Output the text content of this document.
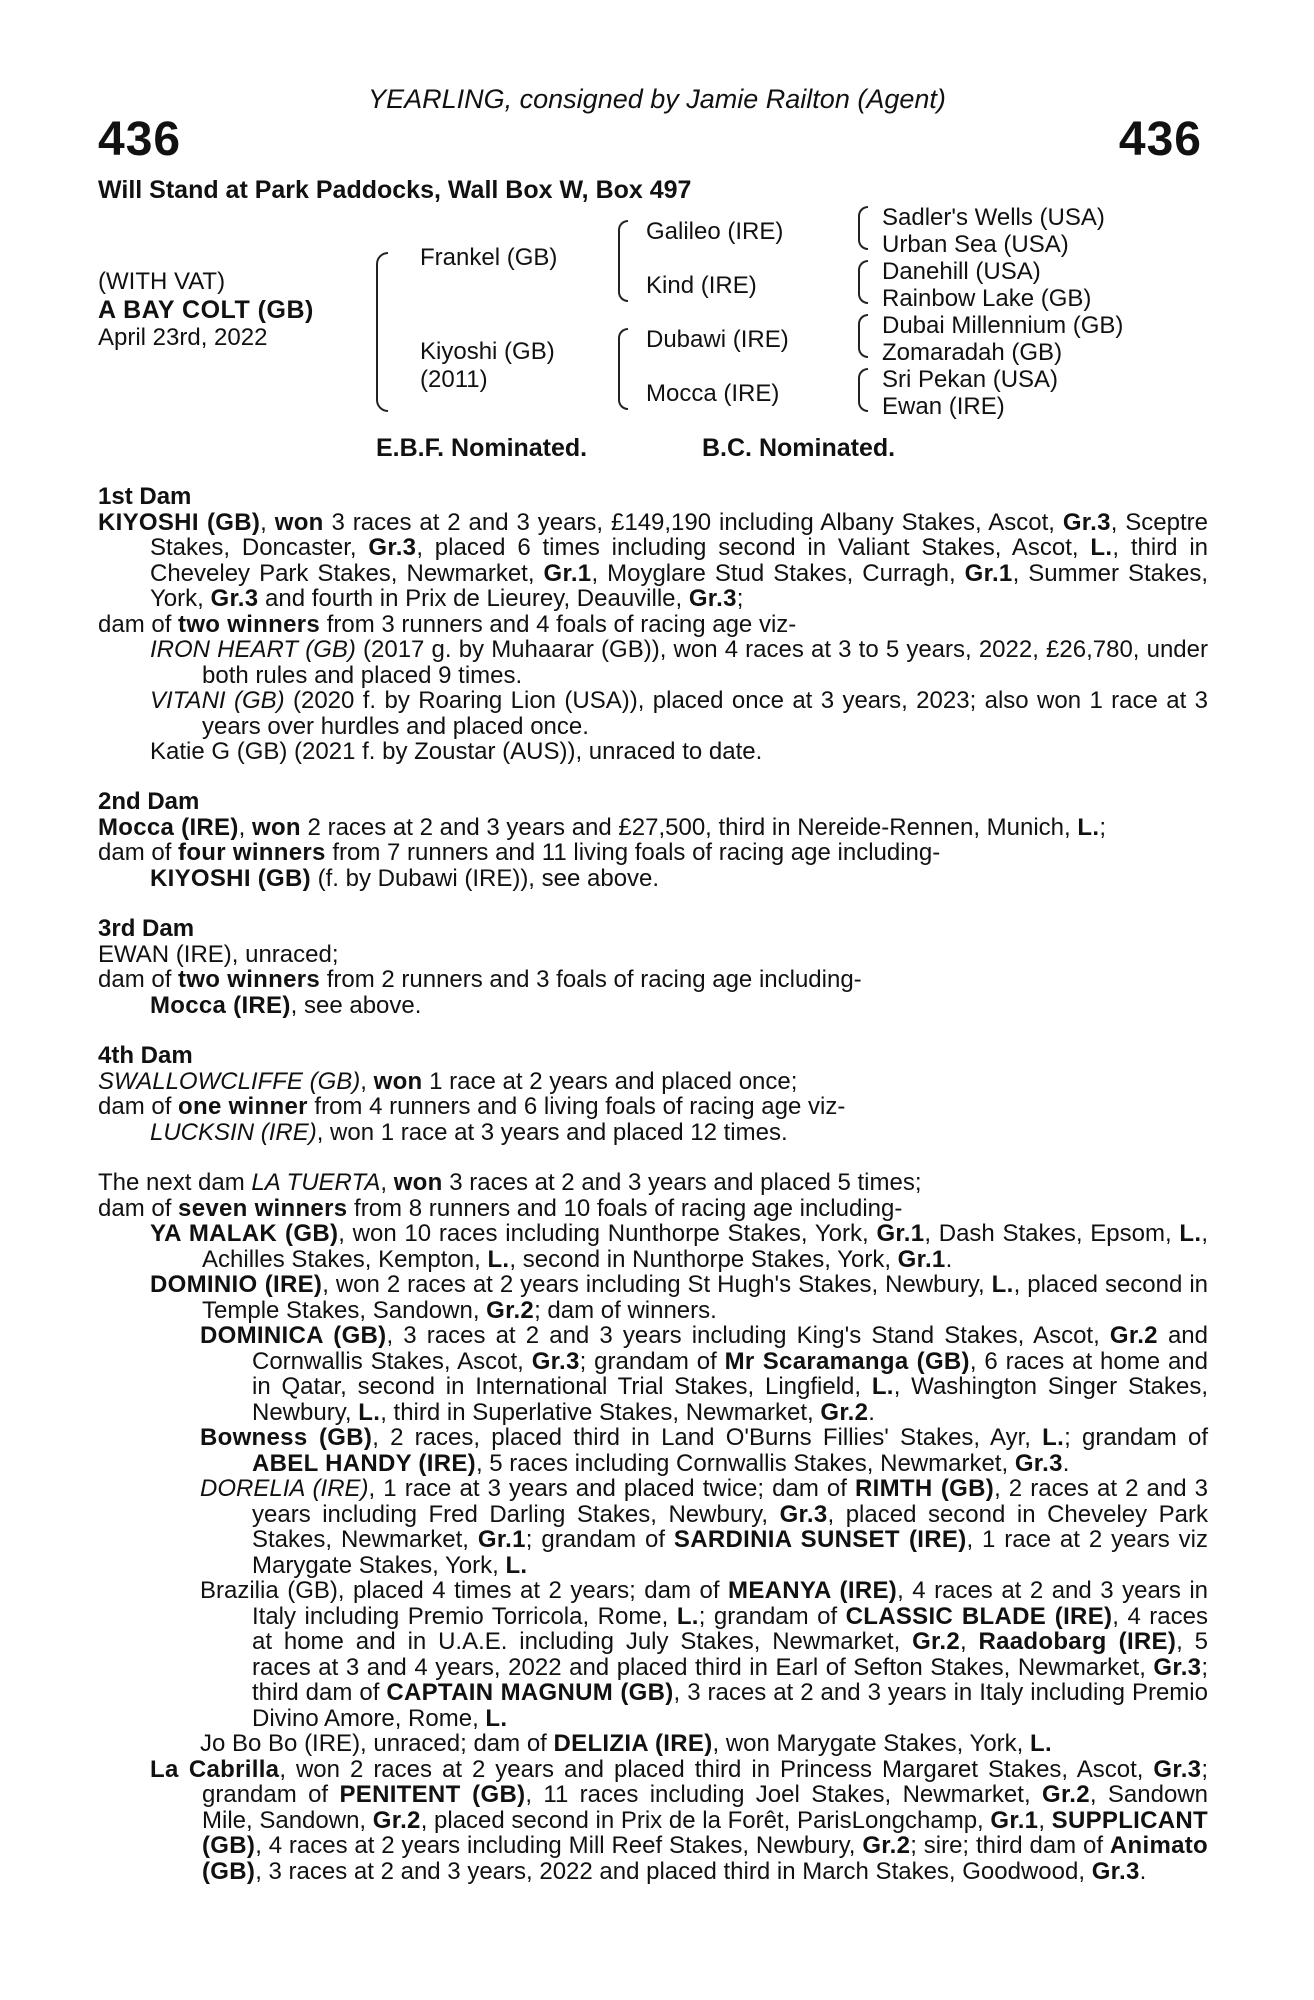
YEARLING, consigned by Jamie Railton (Agent)
436	436
Will Stand at Park Paddocks, Wall Box W, Box 497
(WITH VAT)
A BAY COLT (GB)
April 23rd, 2022
Frankel (GB)
Kiyoshi (GB)
(2011)
Galileo (IRE)
Kind (IRE)
Dubawi (IRE)
Mocca (IRE)
Sadler's Wells (USA)
Urban Sea (USA)
Danehill (USA)
Rainbow Lake (GB)
Dubai Millennium (GB)
Zomaradah (GB)
Sri Pekan (USA)
Ewan (IRE)
E.B.F. Nominated.	B.C. Nominated.

1st Dam

KIYOSHI (GB), won 3 races at 2 and 3 years, £149,190 including Albany Stakes, Ascot, Gr.3, Sceptre Stakes, Doncaster, Gr.3, placed 6 times including second in Valiant Stakes, Ascot, L., third in Cheveley Park Stakes, Newmarket, Gr.1, Moyglare Stud Stakes, Curragh, Gr.1, Summer Stakes, York, Gr.3 and fourth in Prix de Lieurey, Deauville, Gr.3;

dam of two winners from 3 runners and 4 foals of racing age viz-

IRON HEART (GB) (2017 g. by Muhaarar (GB)), won 4 races at 3 to 5 years, 2022, £26,780, under both rules and placed 9 times.

VITANI (GB) (2020 f. by Roaring Lion (USA)), placed once at 3 years, 2023; also won 1 race at 3 years over hurdles and placed once.

Katie G (GB) (2021 f. by Zoustar (AUS)), unraced to date.

2nd Dam

Mocca (IRE), won 2 races at 2 and 3 years and £27,500, third in Nereide-Rennen, Munich, L.;

dam of four winners from 7 runners and 11 living foals of racing age including-

KIYOSHI (GB) (f. by Dubawi (IRE)), see above.

3rd Dam

EWAN (IRE), unraced;

dam of two winners from 2 runners and 3 foals of racing age including-

Mocca (IRE), see above.

4th Dam

SWALLOWCLIFFE (GB), won 1 race at 2 years and placed once;

dam of one winner from 4 runners and 6 living foals of racing age viz-

LUCKSIN (IRE), won 1 race at 3 years and placed 12 times.

The next dam LA TUERTA, won 3 races at 2 and 3 years and placed 5 times;

dam of seven winners from 8 runners and 10 foals of racing age including-

YA MALAK (GB), won 10 races including Nunthorpe Stakes, York, Gr.1, Dash Stakes, Epsom, L., Achilles Stakes, Kempton, L., second in Nunthorpe Stakes, York, Gr.1.

DOMINIO (IRE), won 2 races at 2 years including St Hugh's Stakes, Newbury, L., placed second in Temple Stakes, Sandown, Gr.2; dam of winners.

DOMINICA (GB), 3 races at 2 and 3 years including King's Stand Stakes, Ascot, Gr.2 and Cornwallis Stakes, Ascot, Gr.3; grandam of Mr Scaramanga (GB), 6 races at home and in Qatar, second in International Trial Stakes, Lingfield, L., Washington Singer Stakes, Newbury, L., third in Superlative Stakes, Newmarket, Gr.2.

Bowness (GB), 2 races, placed third in Land O'Burns Fillies' Stakes, Ayr, L.; grandam of ABEL HANDY (IRE), 5 races including Cornwallis Stakes, Newmarket, Gr.3.

DORELIA (IRE), 1 race at 3 years and placed twice; dam of RIMTH (GB), 2 races at 2 and 3 years including Fred Darling Stakes, Newbury, Gr.3, placed second in Cheveley Park Stakes, Newmarket, Gr.1; grandam of SARDINIA SUNSET (IRE), 1 race at 2 years viz Marygate Stakes, York, L.

Brazilia (GB), placed 4 times at 2 years; dam of MEANYA (IRE), 4 races at 2 and 3 years in Italy including Premio Torricola, Rome, L.; grandam of CLASSIC BLADE (IRE), 4 races at home and in U.A.E. including July Stakes, Newmarket, Gr.2, Raadobarg (IRE), 5 races at 3 and 4 years, 2022 and placed third in Earl of Sefton Stakes, Newmarket, Gr.3; third dam of CAPTAIN MAGNUM (GB), 3 races at 2 and 3 years in Italy including Premio Divino Amore, Rome, L.

Jo Bo Bo (IRE), unraced; dam of DELIZIA (IRE), won Marygate Stakes, York, L.

La Cabrilla, won 2 races at 2 years and placed third in Princess Margaret Stakes, Ascot, Gr.3; grandam of PENITENT (GB), 11 races including Joel Stakes, Newmarket, Gr.2, Sandown Mile, Sandown, Gr.2, placed second in Prix de la Forêt, ParisLongchamp, Gr.1, SUPPLICANT (GB), 4 races at 2 years including Mill Reef Stakes, Newbury, Gr.2; sire; third dam of Animato (GB), 3 races at 2 and 3 years, 2022 and placed third in March Stakes, Goodwood, Gr.3.
